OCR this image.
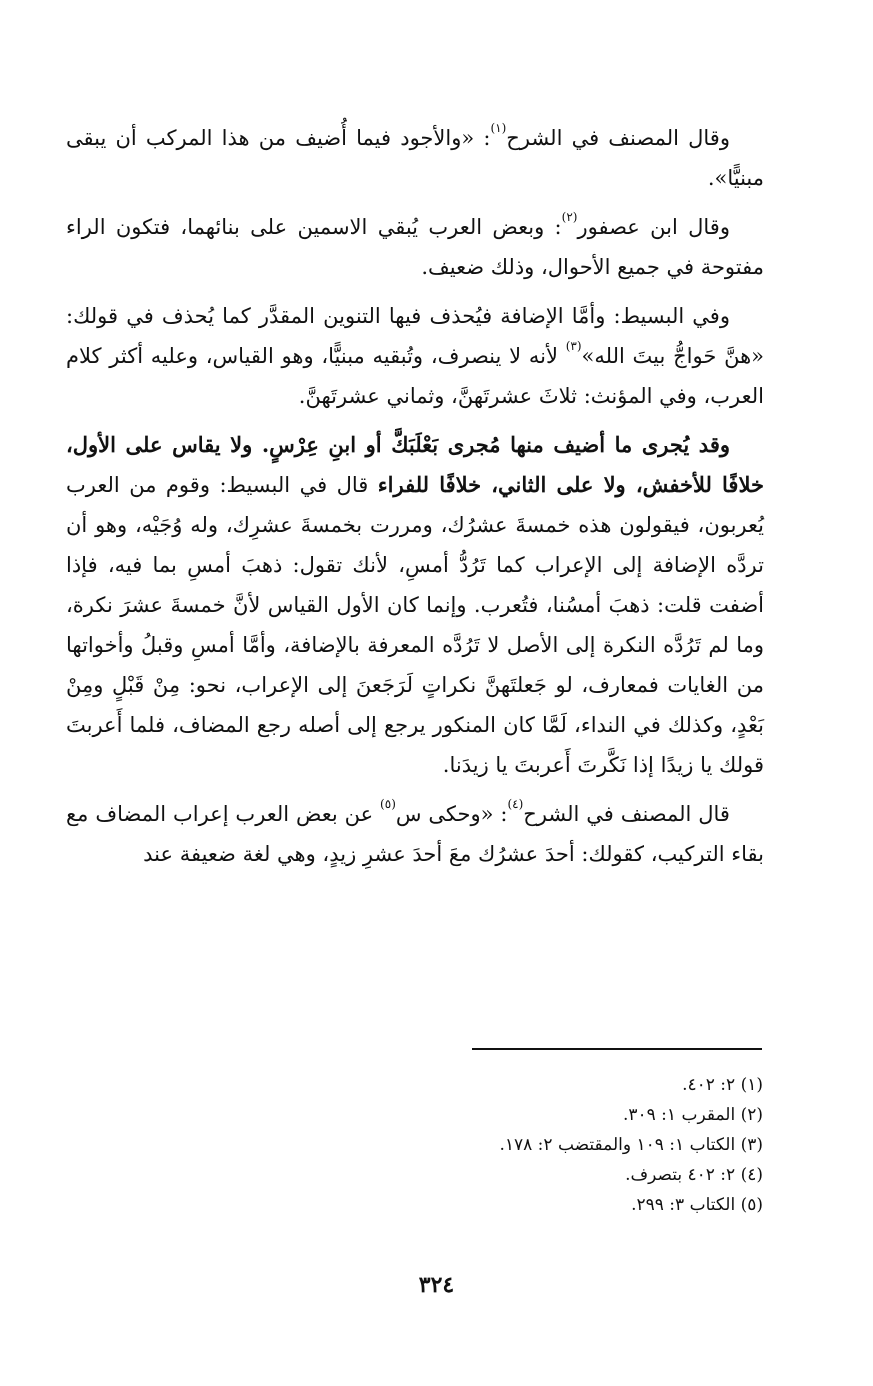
وقال المصنف في الشرح$^{(١)}$: «والأجود فيما أُضيف من هذا المركب أن يبقى مبنيًّا».

وقال ابن عصفور$^{(٢)}$: وبعض العرب يُبقي الاسمين على بنائهما، فتكون الراء مفتوحة في جميع الأحوال، وذلك ضعيف.

وفي البسيط: وأمَّا الإضافة فيُحذف فيها التنوين المقدَّر كما يُحذف في قولك: «هنَّ حَواجُّ بيتَ الله»$^{(٣)}$ لأنه لا ينصرف، وتُبقيه مبنيًّا، وهو القياس، وعليه أكثر كلام العرب، وفي المؤنث: ثلاثَ عشرتَهنَّ، وثماني عشرتَهنَّ.

وقد يُجرى ما أضيف منها مُجرى بَعْلَبَكَّ أو ابنِ عِرْسٍ. ولا يقاس على الأول، خلافًا للأخفش، ولا على الثاني، خلافًا للفراء قال في البسيط: وقوم من العرب يُعربون، فيقولون هذه خمسةَ عشرُك، ومررت بخمسةَ عشرِك، وله وُجَيْه، وهو أن تردَّه الإضافة إلى الإعراب كما تَرُدُّ أمسِ، لأنك تقول: ذهبَ أمسِ بما فيه، فإذا أضفت قلت: ذهبَ أمسُنا، فتُعرب. وإنما كان الأول القياس لأنَّ خمسةَ عشرَ نكرة، وما لم تَرُدَّه النكرة إلى الأصل لا تَرُدَّه المعرفة بالإضافة، وأمَّا أمسِ وقبلُ وأخواتها من الغايات فمعارف، لو جَعلتَهنَّ نكراتٍ لَرَجَعنَ إلى الإعراب، نحو: مِنْ قَبْلٍ ومِنْ بَعْدٍ، وكذلك في النداء، لَمَّا كان المنكور يرجع إلى أصله رجع المضاف، فلما أَعربتَ قولك يا زيدًا إذا نَكَّرتَ أَعربتَ يا زيدَنا.

قال المصنف في الشرح$^{(٤)}$: «وحكى س$^{(٥)}$ عن بعض العرب إعراب المضاف مع بقاء التركيب، كقولك: أحدَ عشرُك معَ أحدَ عشرِ زيدٍ، وهي لغة ضعيفة عند

(١) ٢: ٤٠٢.
(٢) المقرب ١: ٣٠٩.
(٣) الكتاب ١: ١٠٩ والمقتضب ٢: ١٧٨.
(٤) ٢: ٤٠٢ بتصرف.
(٥) الكتاب ٣: ٢٩٩.
٣٢٤
